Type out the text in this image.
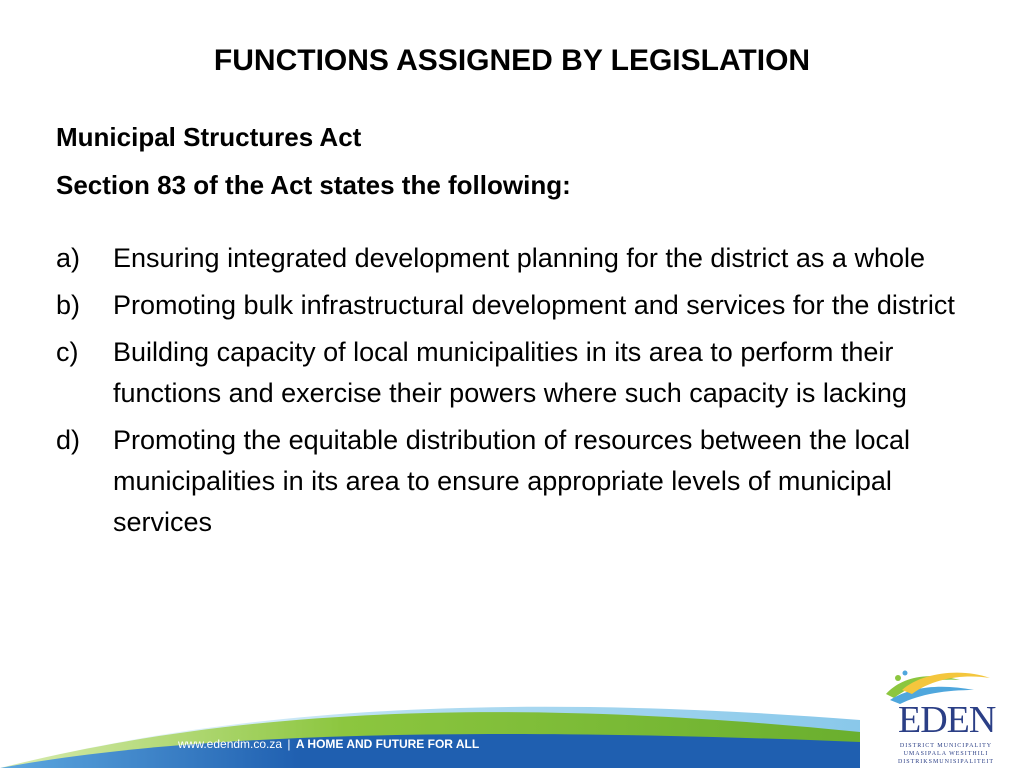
FUNCTIONS ASSIGNED BY LEGISLATION
Municipal Structures Act
Section 83 of the Act states the following:
a) Ensuring integrated development planning for the district as a whole
b) Promoting bulk infrastructural development and services for the district
c) Building capacity of local municipalities in its area to perform their functions and exercise their powers where such capacity is lacking
d) Promoting the equitable distribution of resources between the local municipalities in its area to ensure appropriate levels of municipal services
www.edendm.co.za | A HOME AND FUTURE FOR ALL
EDEN
DISTRICT MUNICIPALITY
UMASIPALA WESITHILI
DISTRIKSMUNISIPALITEIT
